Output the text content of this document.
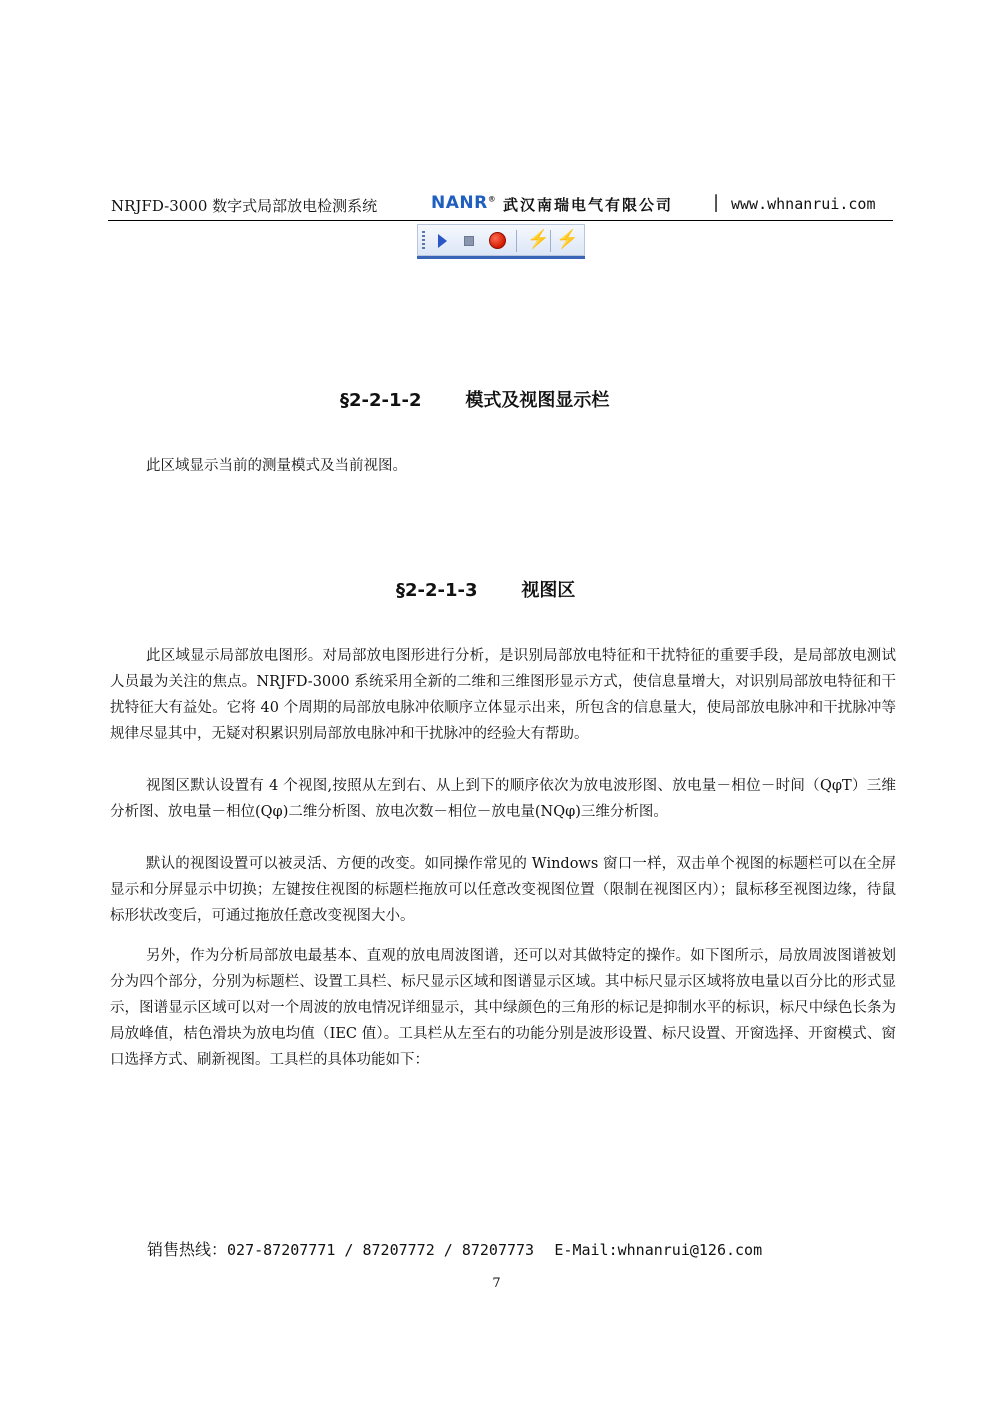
NRJFD-3000 数字式局部放电检测系统	NANR® 武汉南瑞电气有限公司 | www.whnanrui.com
⚡ ⚡
§2-2-1-2 模式及视图显示栏

此区域显示当前的测量模式及当前视图。

§2-2-1-3 视图区

此区域显示局部放电图形。对局部放电图形进行分析，是识别局部放电特征和干扰特征的重要手段，是局部放电测试人员最为关注的焦点。NRJFD-3000 系统采用全新的二维和三维图形显示方式，使信息量增大，对识别局部放电特征和干扰特征大有益处。它将 40 个周期的局部放电脉冲依顺序立体显示出来，所包含的信息量大，使局部放电脉冲和干扰脉冲等规律尽显其中，无疑对积累识别局部放电脉冲和干扰脉冲的经验大有帮助。

视图区默认设置有 4 个视图,按照从左到右、从上到下的顺序依次为放电波形图、放电量－相位－时间（QφT）三维分析图、放电量－相位(Qφ)二维分析图、放电次数－相位－放电量(NQφ)三维分析图。

默认的视图设置可以被灵活、方便的改变。如同操作常见的 Windows 窗口一样，双击单个视图的标题栏可以在全屏显示和分屏显示中切换；左键按住视图的标题栏拖放可以任意改变视图位置（限制在视图区内）；鼠标移至视图边缘，待鼠标形状改变后，可通过拖放任意改变视图大小。

另外，作为分析局部放电最基本、直观的放电周波图谱，还可以对其做特定的操作。如下图所示，局放周波图谱被划分为四个部分，分别为标题栏、设置工具栏、标尺显示区域和图谱显示区域。其中标尺显示区域将放电量以百分比的形式显示，图谱显示区域可以对一个周波的放电情况详细显示，其中绿颜色的三角形的标记是抑制水平的标识，标尺中绿色长条为局放峰值，桔色滑块为放电均值（IEC 值）。工具栏从左至右的功能分别是波形设置、标尺设置、开窗选择、开窗模式、窗口选择方式、刷新视图。工具栏的具体功能如下：

销售热线：027-87207771 / 87207772 / 87207773 E-Mail:whnanrui@126.com
7
